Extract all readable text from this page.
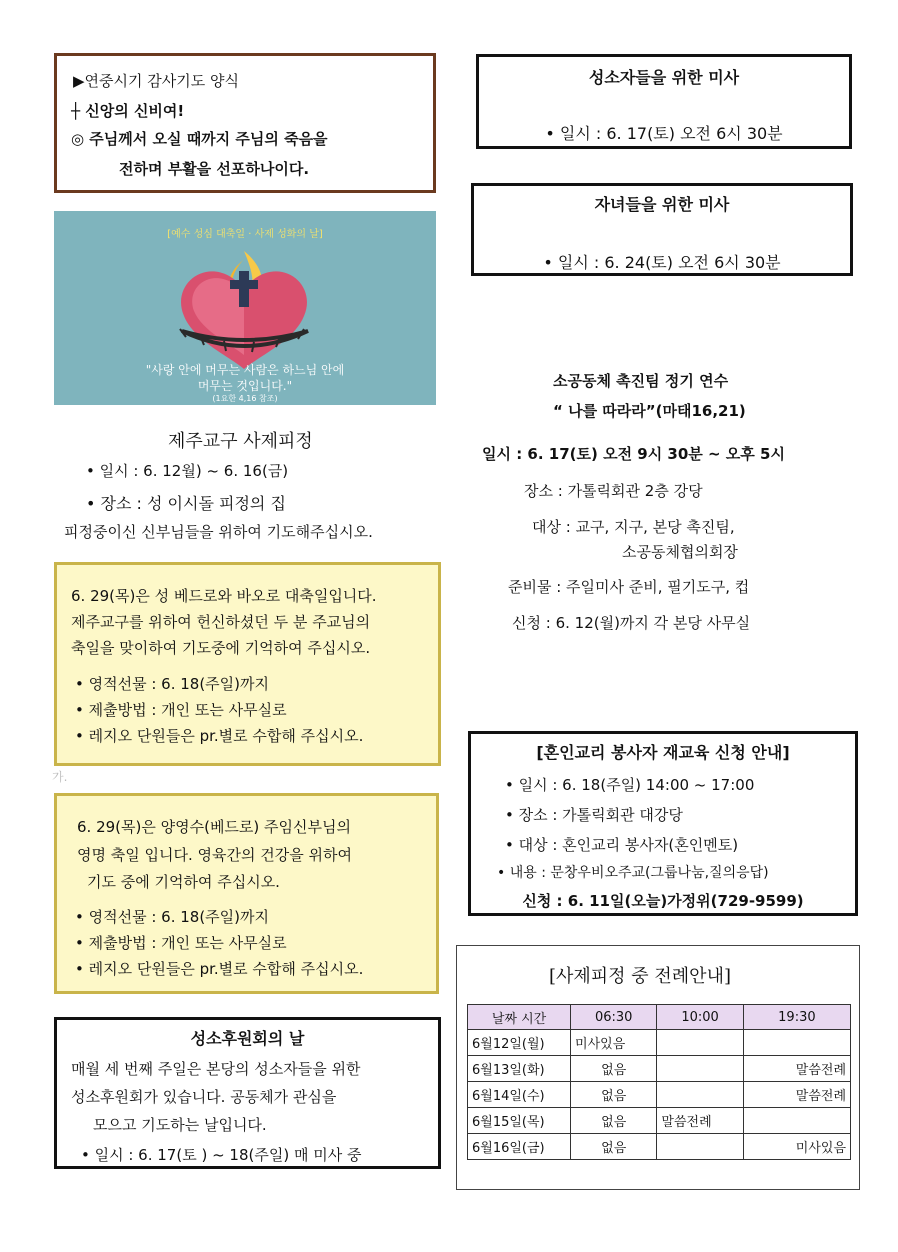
▶연중시기 감사기도 양식
┼ 신앙의 신비여!
◎ 주님께서 오실 때까지 주님의 죽음을
전하며 부활을 선포하나이다.
[예수 성심 대축일 · 사제 성화의 날]
"사랑 안에 머무는 사람은 하느님 안에
머무는 것입니다."
(1요한 4,16 참조)
제주교구 사제피정
• 일시 : 6. 12월) ~ 6. 16(금)
• 장소 : 성 이시돌 피정의 집
피정중이신 신부님들을 위하여 기도해주십시오.
6. 29(목)은 성 베드로와 바오로 대축일입니다.
제주교구를 위하여 헌신하셨던 두 분 주교님의
축일을 맞이하여 기도중에 기억하여 주십시오.
• 영적선물 : 6. 18(주일)까지
• 제출방법 : 개인 또는 사무실로
• 레지오 단원들은 pr.별로 수합해 주십시오.
가.
6. 29(목)은 양영수(베드로) 주임신부님의
영명 축일 입니다. 영육간의 건강을 위하여
기도 중에 기억하여 주십시오.
• 영적선물 : 6. 18(주일)까지
• 제출방법 : 개인 또는 사무실로
• 레지오 단원들은 pr.별로 수합해 주십시오.
성소후원회의 날
매월 세 번째 주일은 본당의 성소자들을 위한
성소후원회가 있습니다. 공동체가 관심을
모으고 기도하는 날입니다.
• 일시 : 6. 17(토 ) ~ 18(주일) 매 미사 중
성소자들을 위한 미사
• 일시 : 6. 17(토) 오전 6시 30분
자녀들을 위한 미사
• 일시 : 6. 24(토) 오전 6시 30분
소공동체 촉진팀 정기 연수
“ 나를 따라라”(마태16,21)
일시 : 6. 17(토) 오전 9시 30분 ~ 오후 5시
장소 : 가톨릭회관 2층 강당
대상 : 교구, 지구, 본당 촉진팀,
소공동체협의회장
준비물 : 주일미사 준비, 필기도구, 컵
신청 : 6. 12(월)까지 각 본당 사무실
[혼인교리 봉사자 재교육 신청 안내]
• 일시 : 6. 18(주일) 14:00 ~ 17:00
• 장소 : 가톨릭회관 대강당
• 대상 : 혼인교리 봉사자(혼인멘토)
• 내용 : 문창우비오주교(그룹나눔,질의응답)
신청 : 6. 11일(오늘)가정위(729-9599)
[사제피정 중 전례안내]
날짜 시간	06:30	10:00	19:30
6월12일(월)	미사있음		
6월13일(화)	없음		말씀전례
6월14일(수)	없음		말씀전례
6월15일(목)	없음	말씀전례	
6월16일(금)	없음		미사있음
